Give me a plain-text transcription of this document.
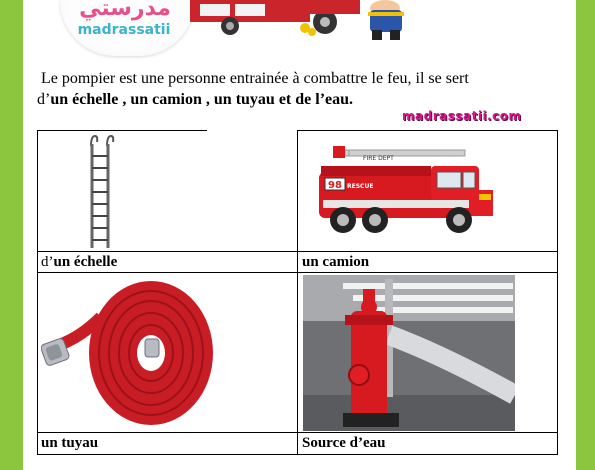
مدرستي
madrassatii
Le pompier est une personne entrainée à combattre le feu, il se sert
d’un échelle , un camion , un tuyau et de l’eau.
madrassatii.com
d’un échelle
98 RESCUE
FIRE DEPT
un camion
un tuyau	Source d’eau
